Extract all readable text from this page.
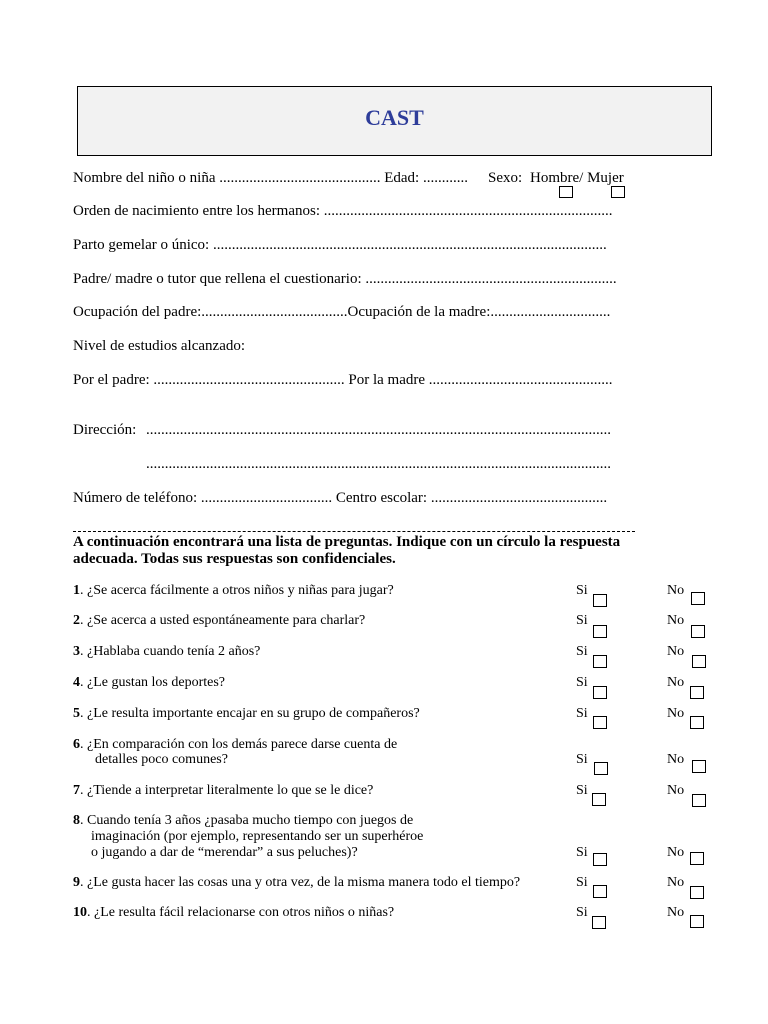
CAST
Nombre del niño o niña ........................................... Edad: ............ Sexo: Hombre/ Mujer
Orden de nacimiento entre los hermanos: .............................................................................
Parto gemelar o único: .........................................................................................................
Padre/ madre o tutor que rellena el cuestionario: ...................................................................
Ocupación del padre:.......................................Ocupación de la madre:................................
Nivel de estudios alcanzado:
Por el padre: ................................................... Por la madre .................................................
Dirección: ............................................................................................................................
............................................................................................................................
Número de teléfono: ................................... Centro escolar: ...............................................
A continuación encontrará una lista de preguntas. Indique con un círculo la respuesta
adecuada. Todas sus respuestas son confidenciales.
1. ¿Se acerca fácilmente a otros niños y niñas para jugar?	Si	No
2. ¿Se acerca a usted espontáneamente para charlar?	Si	No
3. ¿Hablaba cuando tenía 2 años?	Si	No
4. ¿Le gustan los deportes?	Si	No
5. ¿Le resulta importante encajar en su grupo de compañeros?	Si	No
6. ¿En comparación con los demás parece darse cuenta de
detalles poco comunes?	Si	No
7. ¿Tiende a interpretar literalmente lo que se le dice?	Si	No
8. Cuando tenía 3 años ¿pasaba mucho tiempo con juegos de
imaginación (por ejemplo, representando ser un superhéroe
o jugando a dar de “merendar” a sus peluches)?	Si	No
9. ¿Le gusta hacer las cosas una y otra vez, de la misma manera todo el tiempo?	Si	No
10. ¿Le resulta fácil relacionarse con otros niños o niñas?	Si	No
